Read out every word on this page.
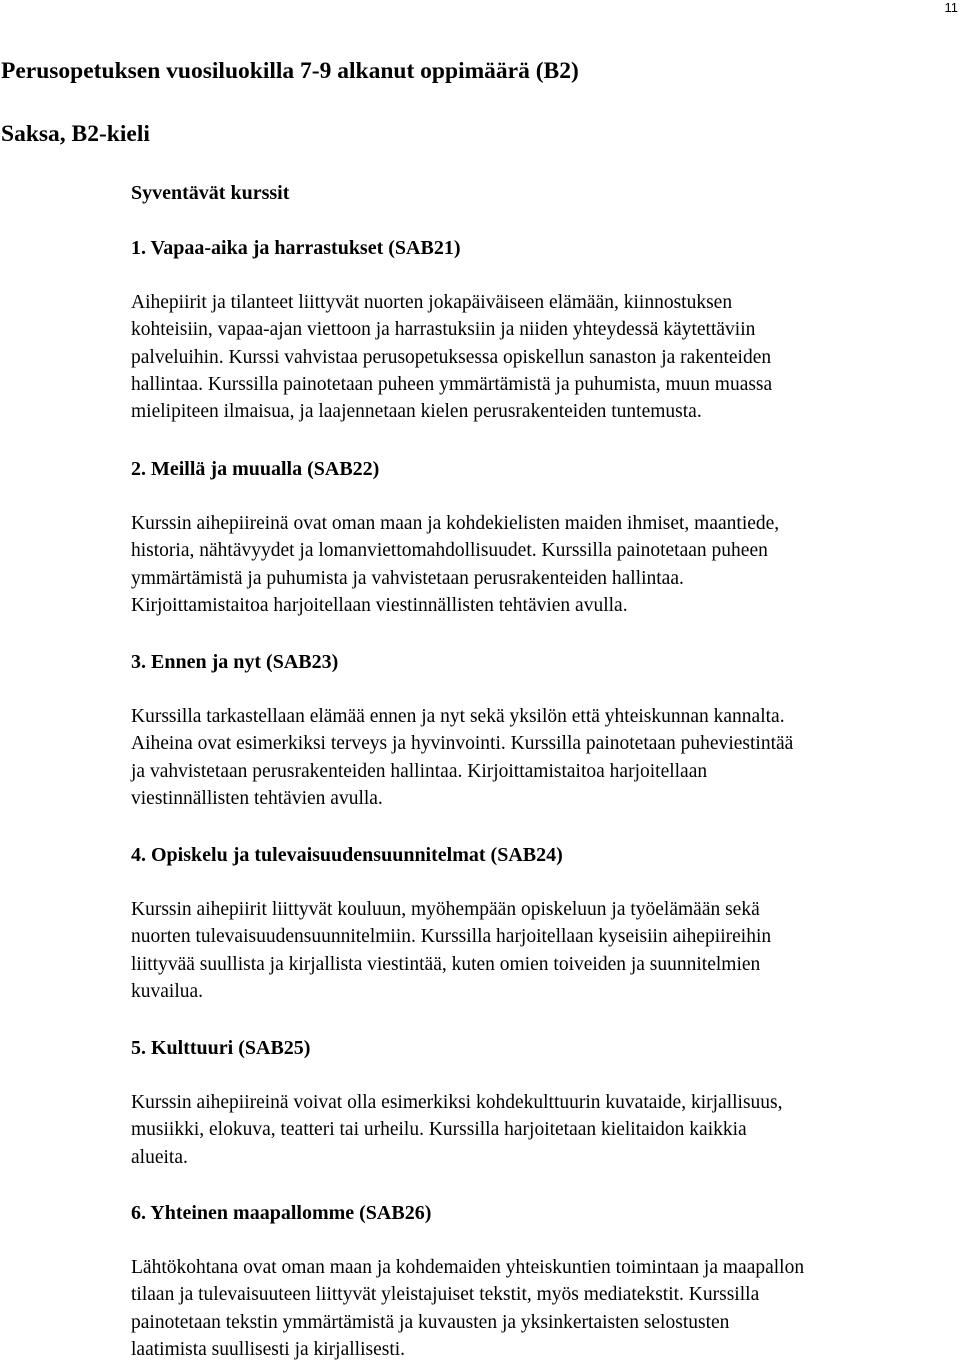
11
Perusopetuksen vuosiluokilla 7-9 alkanut oppimäärä (B2)
Saksa, B2-kieli
Syventävät kurssit
1. Vapaa-aika ja harrastukset (SAB21)

Aihepiirit ja tilanteet liittyvät nuorten jokapäiväiseen elämään, kiinnostuksen
kohteisiin, vapaa-ajan viettoon ja harrastuksiin ja niiden yhteydessä käytettäviin
palveluihin. Kurssi vahvistaa perusopetuksessa opiskellun sanaston ja rakenteiden
hallintaa. Kurssilla painotetaan puheen ymmärtämistä ja puhumista, muun muassa
mielipiteen ilmaisua, ja laajennetaan kielen perusrakenteiden tuntemusta.

2. Meillä ja muualla (SAB22)

Kurssin aihepiireinä ovat oman maan ja kohdekielisten maiden ihmiset, maantiede,
historia, nähtävyydet ja lomanviettomahdollisuudet. Kurssilla painotetaan puheen
ymmärtämistä ja puhumista ja vahvistetaan perusrakenteiden hallintaa.
Kirjoittamistaitoa harjoitellaan viestinnällisten tehtävien avulla.

3. Ennen ja nyt (SAB23)

Kurssilla tarkastellaan elämää ennen ja nyt sekä yksilön että yhteiskunnan kannalta.
Aiheina ovat esimerkiksi terveys ja hyvinvointi. Kurssilla painotetaan puheviestintää
ja vahvistetaan perusrakenteiden hallintaa. Kirjoittamistaitoa harjoitellaan
viestinnällisten tehtävien avulla.

4. Opiskelu ja tulevaisuudensuunnitelmat (SAB24)

Kurssin aihepiirit liittyvät kouluun, myöhempään opiskeluun ja työelämään sekä
nuorten tulevaisuudensuunnitelmiin. Kurssilla harjoitellaan kyseisiin aihepiireihin
liittyvää suullista ja kirjallista viestintää, kuten omien toiveiden ja suunnitelmien
kuvailua.

5. Kulttuuri (SAB25)

Kurssin aihepiireinä voivat olla esimerkiksi kohdekulttuurin kuvataide, kirjallisuus,
musiikki, elokuva, teatteri tai urheilu. Kurssilla harjoitetaan kielitaidon kaikkia
alueita.

6. Yhteinen maapallomme (SAB26)

Lähtökohtana ovat oman maan ja kohdemaiden yhteiskuntien toimintaan ja maapallon
tilaan ja tulevaisuuteen liittyvät yleistajuiset tekstit, myös mediatekstit. Kurssilla
painotetaan tekstin ymmärtämistä ja kuvausten ja yksinkertaisten selostusten
laatimista suullisesti ja kirjallisesti.
